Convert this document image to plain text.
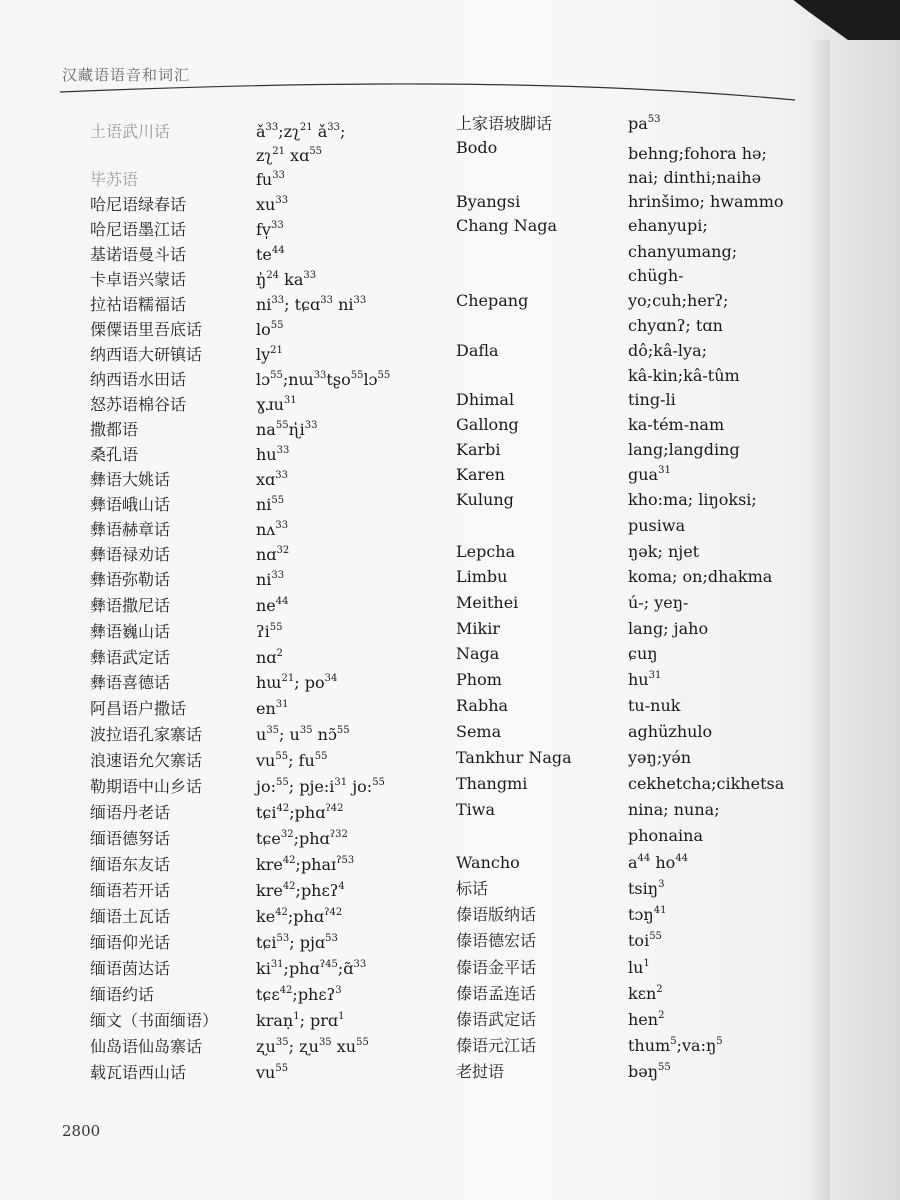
汉藏语语音和词汇
土语武川话	$ǎ^{33};zʅ^{21}$ $ǎ^{33}$;
zʅ$^{21}$ xɑ$^{55}$
毕苏语	$fu^{33}$
哈尼语绿春话	$xu^{33}$
哈尼语墨江话	fv̩$^{33}$
基诺语曼斗话	$te^{44}$
卡卓语兴蒙话	ŋ̍$^{24}$ $ka^{33}$
拉祜语糯福话	$ni^{33}$; tɕɑ$^{33}$ $ni^{33}$
傈僳语里吾底话	$lo^{55}$
纳西语大研镇话	$ly^{21}$
纳西语水田话	lɔ$^{55}$;nɯ$^{33}$tʂo$^{55}$lɔ$^{55}$
怒苏语棉谷话	ɣɹu$^{31}$
撒都语	$na^{55}ɳ̍i^{33}$
桑孔语	$hu^{33}$
彝语大姚话	xɑ$^{33}$
彝语峨山话	$ni^{55}$
彝语赫章话	nʌ$^{33}$
彝语禄劝话	nɑ$^{32}$
彝语弥勒话	$ni^{33}$
彝语撒尼话	$ne^{44}$
彝语巍山话	ʔi$^{55}$
彝语武定话	nɑ$^2$
彝语喜德话	hɯ$^{21}$; $po^{34}$
阿昌语户撒话	$en^{31}$
波拉语孔家寨话	$u^{35}$; $u^{35}$ nɔ̃$^{55}$
浪速语允欠寨话	$vu^{55}$; $fu^{55}$
勒期语中山乡话	jo:$^{55}$; $pje:i^{31}$ jo:$^{55}$
缅语丹老话	tɕi$^{42}$;phɑ$^{ʔ42}$
缅语德努话	tɕe$^{32}$;phɑ$^{ʔ32}$
缅语东友话	kre$^{42}$;phaɪ$^{ʔ53}$
缅语若开话	kre$^{42}$;phɛʔ$^4$
缅语土瓦话	$ke^{42};phɑ^{ʔ42}$
缅语仰光话	tɕi$^{53}$; pjɑ$^{53}$
缅语茵达话	$ki^{31};phɑ^{ʔ45};ɑ̃^{33}$
缅语约话	tɕɛ$^{42}$;phɛʔ$^3$
缅文（书面缅语） kraṇ$^1$; prɑ$^1$
仙岛语仙岛寨话	ʐu$^{35}$; ʐu$^{35}$ $xu^{55}$
载瓦语西山话	$vu^{55}$
上家语坡脚话	$pa^{53}$
Bodo	behng;fohora hə;
nai; dinthi;naihə
Byangsi	hrinšimo; hwammo
Chang Naga	ehanyupi;
chanyumang;
chügh-
Chepang	yo;cuh;herʔ;
chyɑnʔ; tɑn
Dafla	dô;kâ-lya;
kâ-kin;kâ-tûm
Dhimal	ting-li
Gallong	ka-tém-nam
Karbi	lang;langding
Karen	gua$^{31}$
Kulung	kho:ma; liŋoksi;
pusiwa
Lepcha	ŋək; njet
Limbu	koma; on;dhakma
Meithei	ú-; yeŋ-
Mikir	lang; jaho
Naga	ɕuŋ
Phom	$hu^{31}$
Rabha	tu-nuk
Sema	aghüzhulo
Tankhur Naga	yəŋ;yə́n
Thangmi	cekhetcha;cikhetsa
Tiwa	nina; nuna;
phonaina
Wancho	$a^{44}$ $ho^{44}$
标话	tsiŋ$^3$
傣语版纳话	tɔŋ$^{41}$
傣语德宏话	toi$^{55}$
傣语金平话	$lu^1$
傣语孟连话	kɛn$^2$
傣语武定话	hen$^2$
傣语元江话	$thum^5;va:ŋ^5$
老挝语	bəŋ$^{55}$
2800
